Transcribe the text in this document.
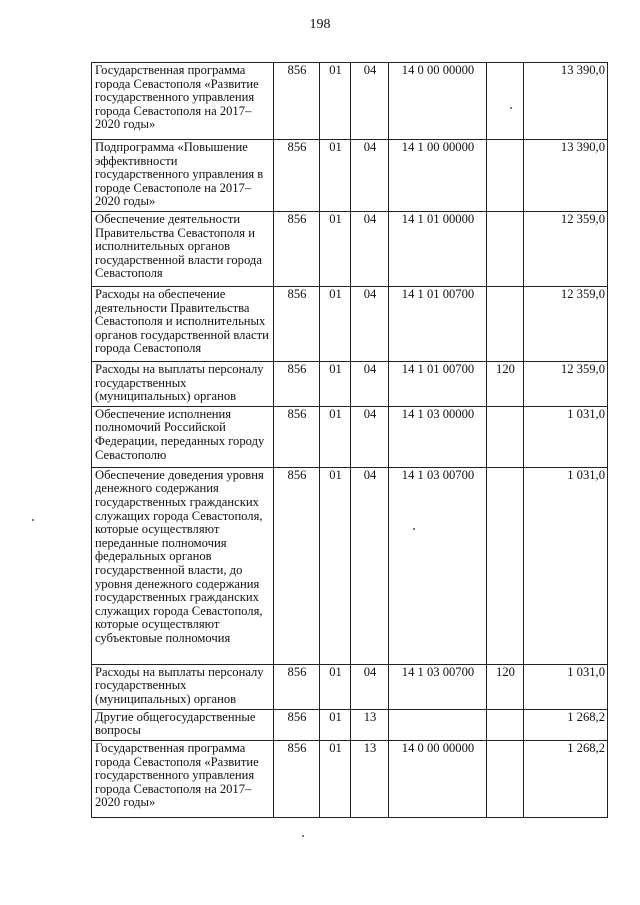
198
Государственная программа города Севастополя «Развитие государственного управления города Севастополя на 2017–2020 годы»	856	01	04	14 0 00 00000		13 390,0
Подпрограмма «Повышение эффективности государственного управления в городе Севастополе на 2017–2020 годы»	856	01	04	14 1 00 00000		13 390,0
Обеспечение деятельности Правительства Севастополя и исполнительных органов государственной власти города Севастополя	856	01	04	14 1 01 00000		12 359,0
Расходы на обеспечение деятельности Правительства Севастополя и исполнительных органов государственной власти города Севастополя	856	01	04	14 1 01 00700		12 359,0
Расходы на выплаты персоналу государственных (муниципальных) органов	856	01	04	14 1 01 00700	120	12 359,0
Обеспечение исполнения полномочий Российской Федерации, переданных городу Севастополю	856	01	04	14 1 03 00000		1 031,0
Обеспечение доведения уровня денежного содержания государственных гражданских служащих города Севастополя, которые осуществляют переданные полномочия федеральных органов государственной власти, до уровня денежного содержания государственных гражданских служащих города Севастополя, которые осуществляют субъектовые полномочия	856	01	04	14 1 03 00700		1 031,0
Расходы на выплаты персоналу государственных (муниципальных) органов	856	01	04	14 1 03 00700	120	1 031,0
Другие общегосударственные вопросы	856	01	13			1 268,2
Государственная программа города Севастополя «Развитие государственного управления города Севастополя на 2017–2020 годы»	856	01	13	14 0 00 00000		1 268,2
